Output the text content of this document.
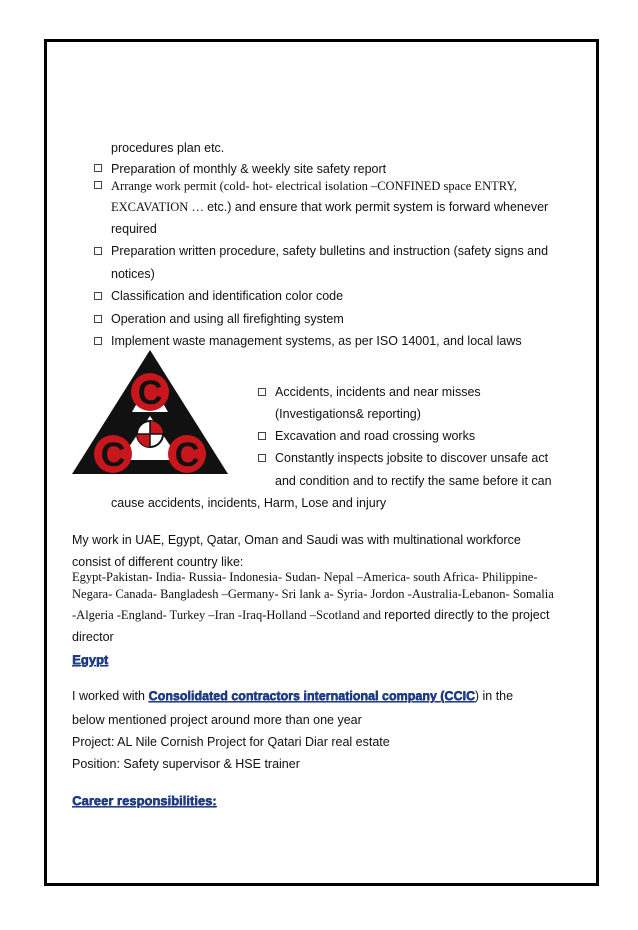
procedures plan etc.
Preparation of monthly & weekly site safety report
Arrange work permit (cold- hot- electrical isolation –CONFINED space ENTRY,
EXCAVATION … etc.) and ensure that work permit system is forward whenever
required
Preparation written procedure, safety bulletins and instruction (safety signs and
notices)
Classification and identification color code
Operation and using all firefighting system
Implement waste management systems, as per ISO 14001, and local laws
C
C C
Accidents, incidents and near misses
(Investigations& reporting)
Excavation and road crossing works
Constantly inspects jobsite to discover unsafe act
and condition and to rectify the same before it can
cause accidents, incidents, Harm, Lose and injury
My work in UAE, Egypt, Qatar, Oman and Saudi was with multinational workforce
consist of different country like:
Egypt-Pakistan- India- Russia- Indonesia- Sudan- Nepal –America- south Africa- Philippine-
Negara- Canada- Bangladesh –Germany- Sri lank a- Syria- Jordon -Australia-Lebanon- Somalia
-Algeria -England- Turkey –Iran -Iraq-Holland –Scotland and reported directly to the project
director
Egypt
I worked with Consolidated contractors international company (CCIC) in the
below mentioned project around more than one year
Project: AL Nile Cornish Project for Qatari Diar real estate
Position: Safety supervisor & HSE trainer
Career responsibilities:
